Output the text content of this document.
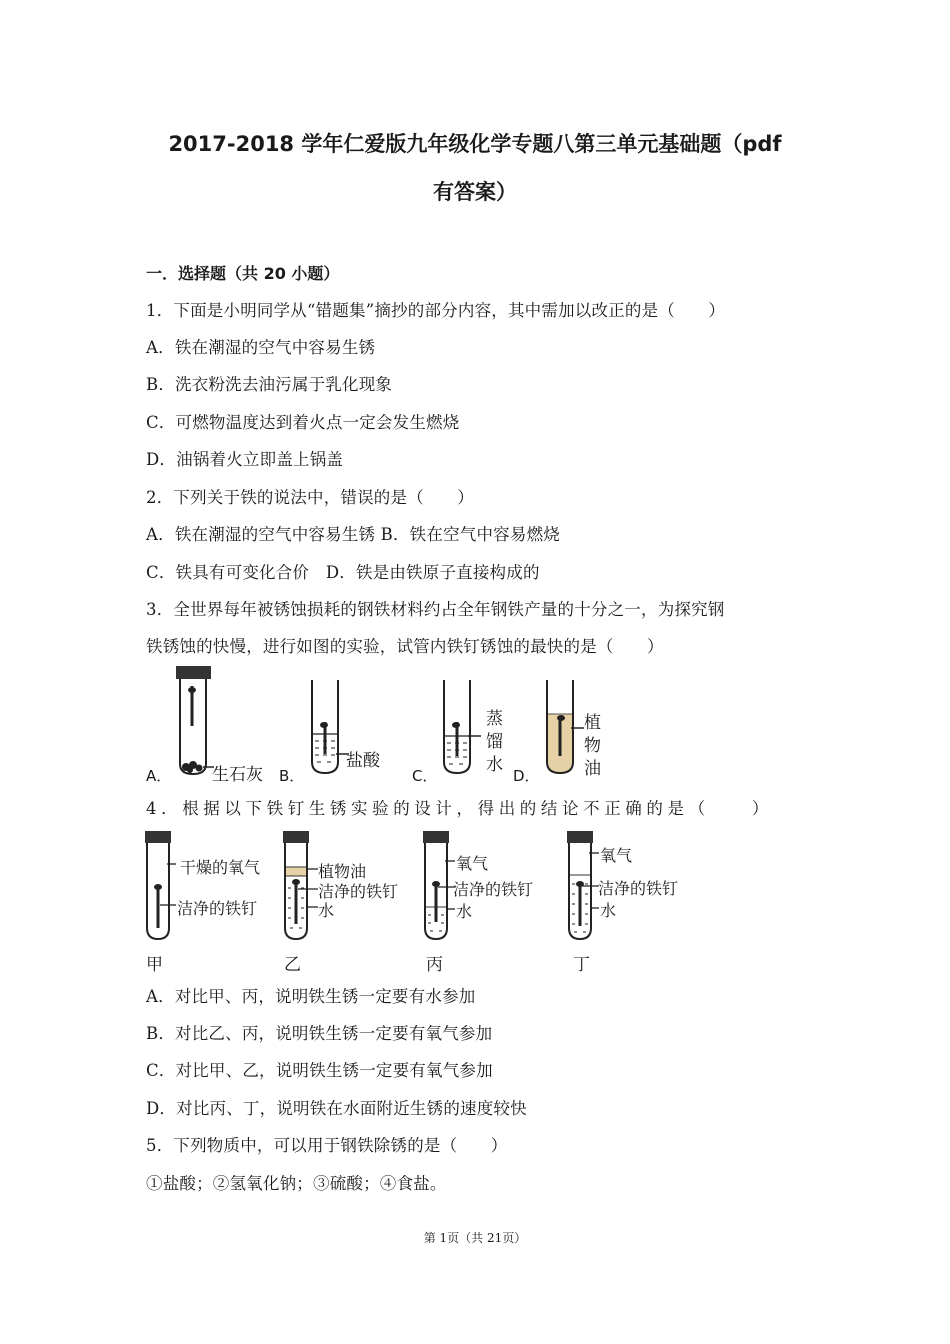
2017-2018 学年仁爱版九年级化学专题八第三单元基础题（pdf
有答案）
一．选择题（共 20 小题）
1．下面是小明同学从“错题集”摘抄的部分内容，其中需加以改正的是（　　）
A．铁在潮湿的空气中容易生锈
B．洗衣粉洗去油污属于乳化现象
C．可燃物温度达到着火点一定会发生燃烧
D．油锅着火立即盖上锅盖
2．下列关于铁的说法中，错误的是（　　）
A．铁在潮湿的空气中容易生锈 B．铁在空气中容易燃烧
C．铁具有可变化合价　D．铁是由铁原子直接构成的
3．全世界每年被锈蚀损耗的钢铁材料约占全年钢铁产量的十分之一，为探究钢
铁锈蚀的快慢，进行如图的实验，试管内铁钉锈蚀的最快的是（　　）
生石灰
A．
盐酸
B．
蒸
馏
水
C．
植
物
油
D．
4．根据以下铁钉生锈实验的设计，得出的结论不正确的是（　　）
干燥的氧气
洁净的铁钉
甲
植物油
洁净的铁钉
水
乙
氧气
洁净的铁钉
水
丙
氧气
洁净的铁钉
水
丁
A．对比甲、丙，说明铁生锈一定要有水参加
B．对比乙、丙，说明铁生锈一定要有氧气参加
C．对比甲、乙，说明铁生锈一定要有氧气参加
D．对比丙、丁，说明铁在水面附近生锈的速度较快
5．下列物质中，可以用于钢铁除锈的是（　　）
①盐酸；②氢氧化钠；③硫酸；④食盐。
第 1页（共 21页）
